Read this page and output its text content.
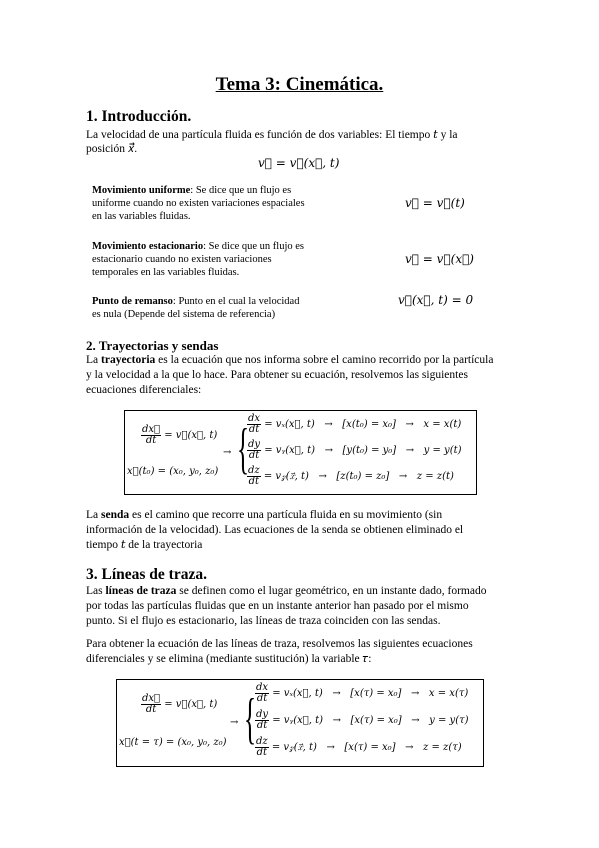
Tema 3: Cinemática.
1. Introducción.
La velocidad de una partícula fluida es función de dos variables: El tiempo 𝑡 y la
posición 𝑥⃗.
𝑣⃗ = 𝑣⃗(𝑥⃗, 𝑡)
Movimiento uniforme: Se dice que un flujo es
uniforme cuando no existen variaciones espaciales
en las variables fluidas.
𝑣⃗ = 𝑣⃗(𝑡)
Movimiento estacionario: Se dice que un flujo es
estacionario cuando no existen variaciones
temporales en las variables fluidas.
𝑣⃗ = 𝑣⃗(𝑥⃗)
Punto de remanso: Punto en el cual la velocidad
es nula (Depende del sistema de referencia)
𝑣⃗(𝑥⃗, 𝑡) = 0
2. Trayectorias y sendas
La trayectoria es la ecuación que nos informa sobre el camino recorrido por la partícula
y la velocidad a la que lo hace. Para obtener su ecuación, resolvemos las siguientes
ecuaciones diferenciales:
$\frac{\text{𝑑𝑥⃗}}{\text{𝑑𝑡}}$ = 𝑣⃗(𝑥⃗, 𝑡)
𝑥⃗(𝑡₀) = (𝑥₀, 𝑦₀, 𝑧₀)
→ {
$\frac{\text{𝑑𝑥}}{\text{𝑑𝑡}}$ = 𝑣ₓ(𝑥⃗, 𝑡)   →   [𝑥(𝑡₀) = 𝑥₀]   →   𝑥 = 𝑥(𝑡)
$\frac{\text{𝑑𝑦}}{\text{𝑑𝑡}}$ = 𝑣ᵧ(𝑥⃗, 𝑡)   →   [𝑦(𝑡₀) = 𝑦₀]   →   𝑦 = 𝑦(𝑡)
$\frac{\text{𝑑𝑧}}{\text{𝑑𝑡}}$ = 𝑣𝓏(𝑥⃗, 𝑡)   →   [𝑧(𝑡₀) = 𝑧₀]   →   𝑧 = 𝑧(𝑡)
La senda es el camino que recorre una partícula fluida en su movimiento (sin
información de la velocidad). Las ecuaciones de la senda se obtienen eliminado el
tiempo 𝑡 de la trayectoria
3. Líneas de traza.
Las líneas de traza se definen como el lugar geométrico, en un instante dado, formado
por todas las partículas fluidas que en un instante anterior han pasado por el mismo
punto. Si el flujo es estacionario, las líneas de traza coinciden con las sendas.
Para obtener la ecuación de las líneas de traza, resolvemos las siguientes ecuaciones
diferenciales y se elimina (mediante sustitución) la variable 𝜏:
$\frac{\text{𝑑𝑥⃗}}{\text{𝑑𝑡}}$ = 𝑣⃗(𝑥⃗, 𝑡)
𝑥⃗(𝑡 = 𝜏) = (𝑥₀, 𝑦₀, 𝑧₀)
→ {
$\frac{\text{𝑑𝑥}}{\text{𝑑𝑡}}$ = 𝑣ₓ(𝑥⃗, 𝑡)   →   [𝑥(𝜏) = 𝑥₀]   →   𝑥 = 𝑥(𝜏)
$\frac{\text{𝑑𝑦}}{\text{𝑑𝑡}}$ = 𝑣ᵧ(𝑥⃗, 𝑡)   →   [𝑥(𝜏) = 𝑥₀]   →   𝑦 = 𝑦(𝜏)
$\frac{\text{𝑑𝑧}}{\text{𝑑𝑡}}$ = 𝑣𝓏(𝑥⃗, 𝑡)   →   [𝑥(𝜏) = 𝑥₀]   →   𝑧 = 𝑧(𝜏)
